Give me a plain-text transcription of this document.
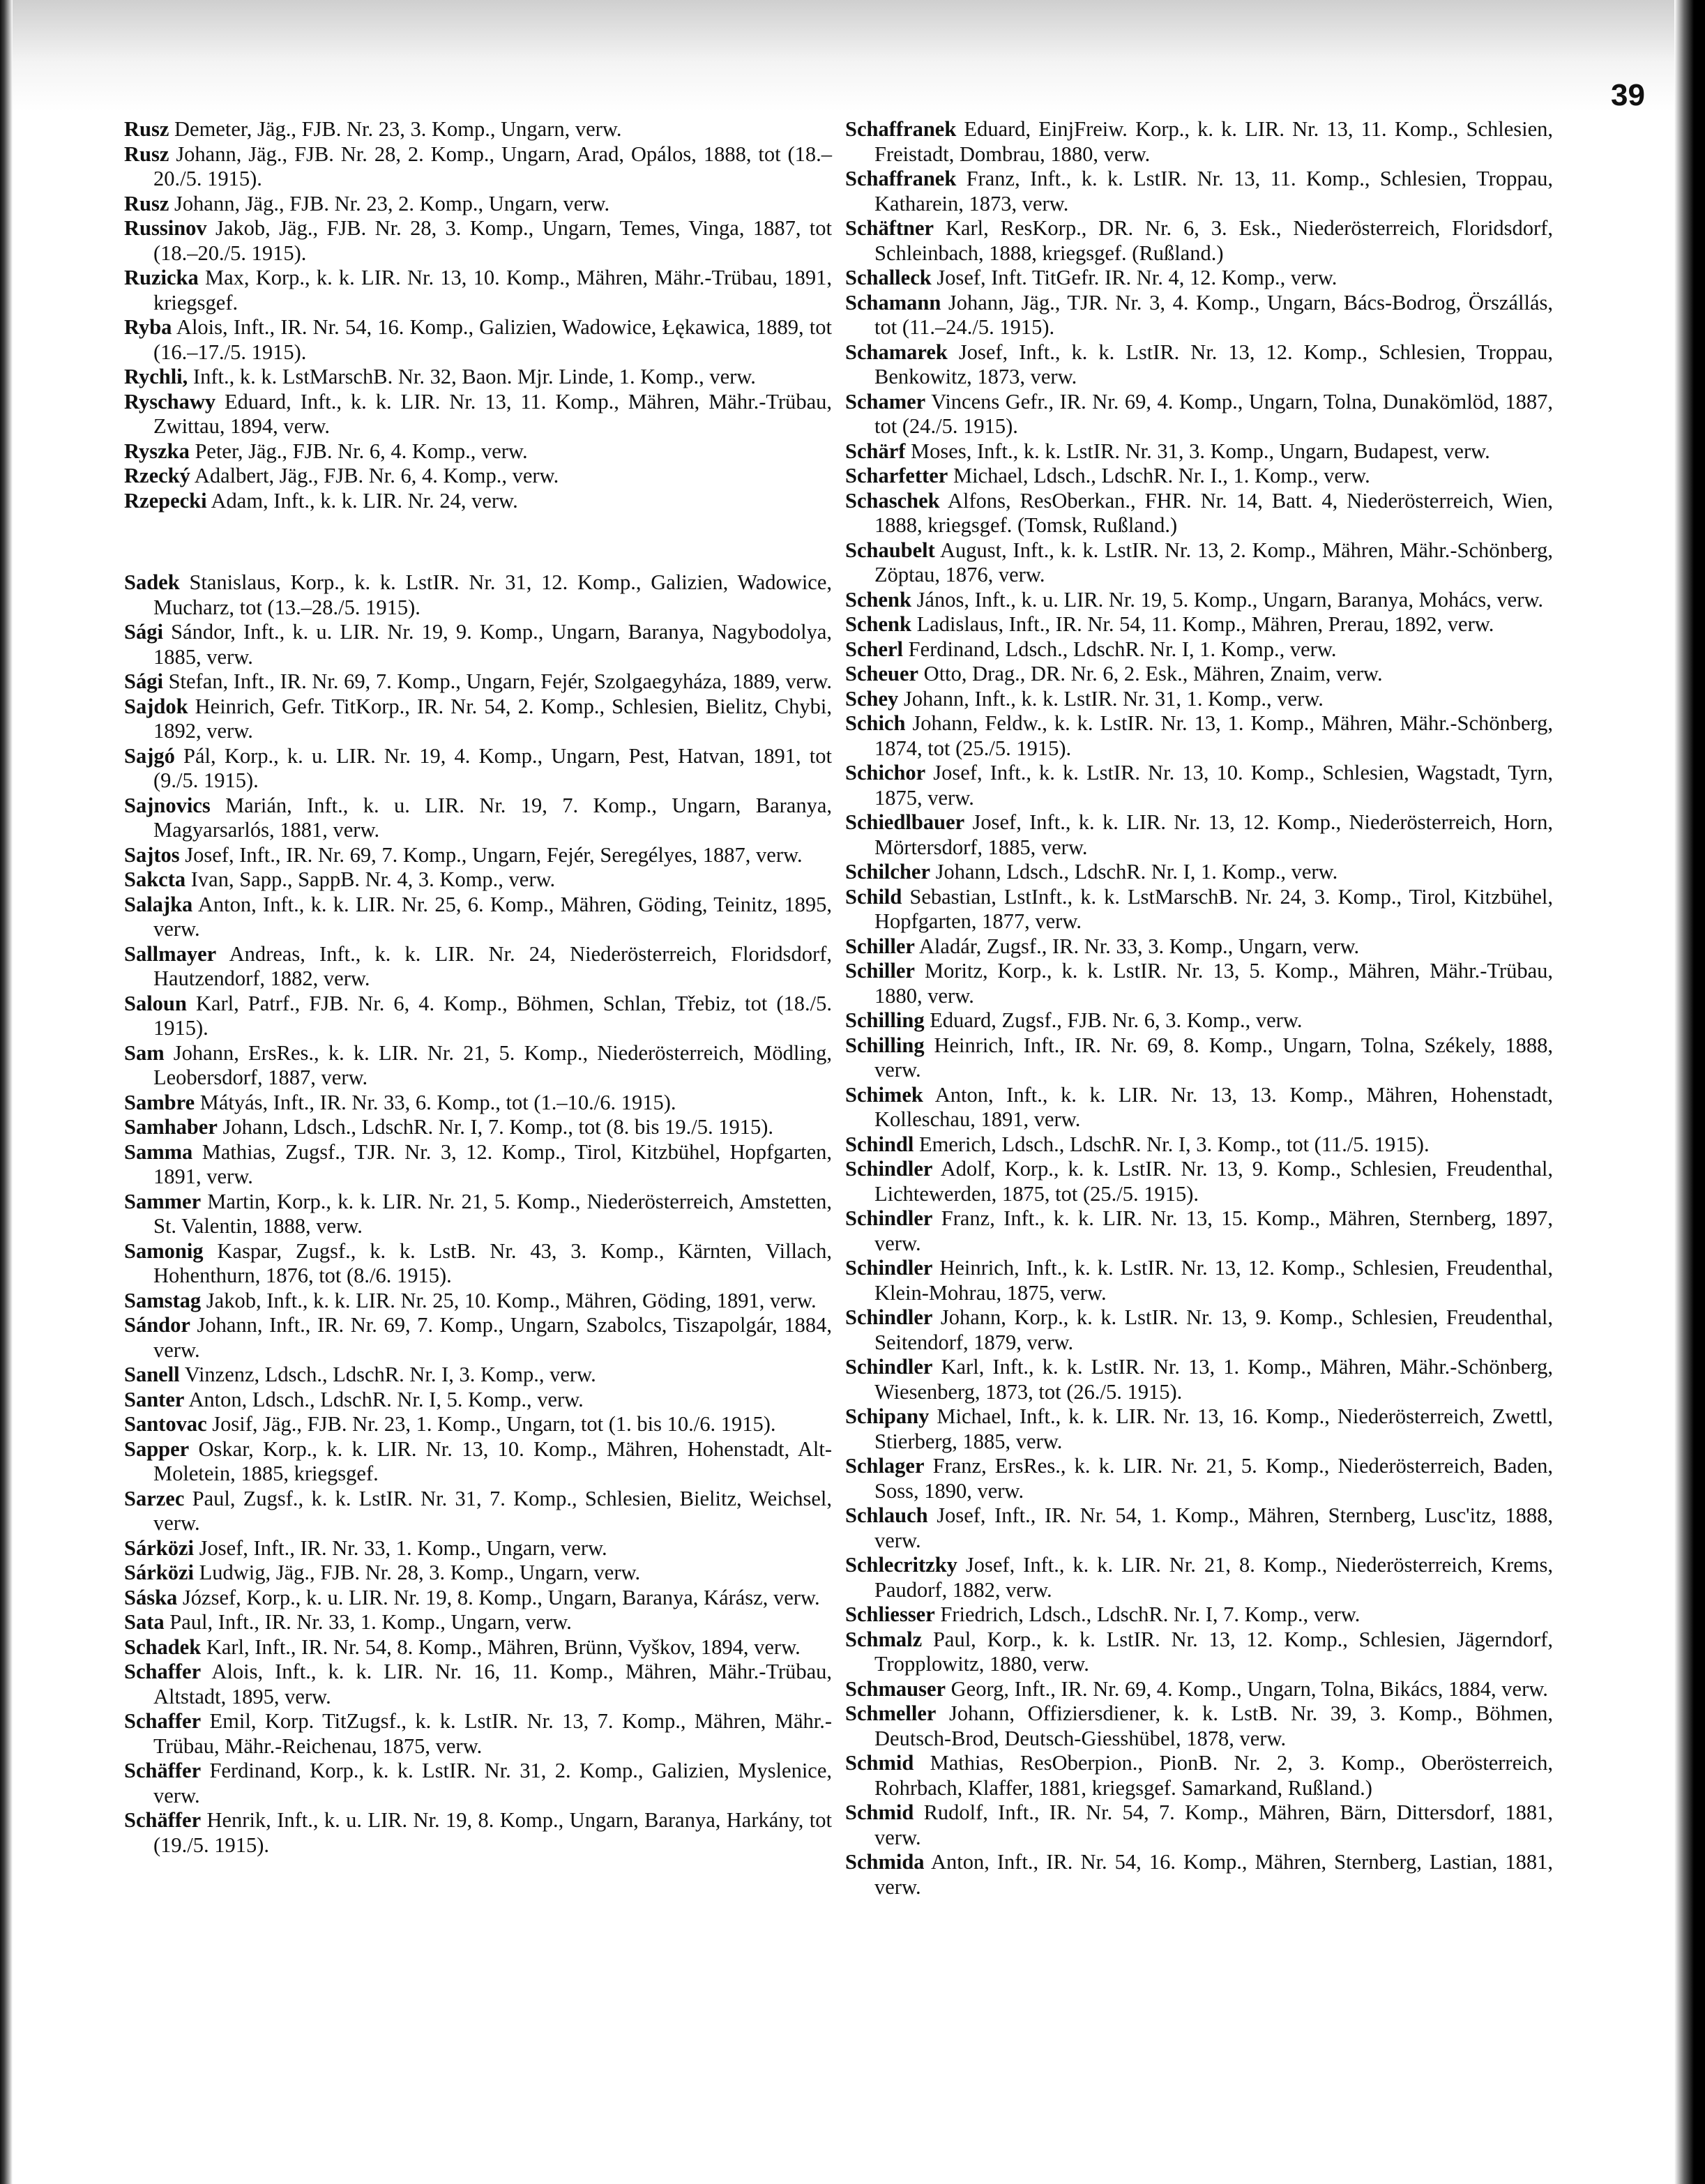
39

Rusz Demeter, Jäg., FJB. Nr. 23, 3. Komp., Ungarn, verw.

Rusz Johann, Jäg., FJB. Nr. 28, 2. Komp., Ungarn, Arad, Opálos, 1888, tot (18.–20./5. 1915).

Rusz Johann, Jäg., FJB. Nr. 23, 2. Komp., Ungarn, verw.

Russinov Jakob, Jäg., FJB. Nr. 28, 3. Komp., Ungarn, Temes, Vinga, 1887, tot (18.–20./5. 1915).

Ruzicka Max, Korp., k. k. LIR. Nr. 13, 10. Komp., Mähren, Mähr.-Trübau, 1891, kriegsgef.

Ryba Alois, Inft., IR. Nr. 54, 16. Komp., Galizien, Wadowice, Łękawica, 1889, tot (16.–17./5. 1915).

Rychli, Inft., k. k. LstMarschB. Nr. 32, Baon. Mjr. Linde, 1. Komp., verw.

Ryschawy Eduard, Inft., k. k. LIR. Nr. 13, 11. Komp., Mähren, Mähr.-Trübau, Zwittau, 1894, verw.

Ryszka Peter, Jäg., FJB. Nr. 6, 4. Komp., verw.

Rzecký Adalbert, Jäg., FJB. Nr. 6, 4. Komp., verw.

Rzepecki Adam, Inft., k. k. LIR. Nr. 24, verw.

Sadek Stanislaus, Korp., k. k. LstIR. Nr. 31, 12. Komp., Galizien, Wadowice, Mucharz, tot (13.–28./5. 1915).

Sági Sándor, Inft., k. u. LIR. Nr. 19, 9. Komp., Ungarn, Baranya, Nagybodolya, 1885, verw.

Sági Stefan, Inft., IR. Nr. 69, 7. Komp., Ungarn, Fejér, Szolgaegyháza, 1889, verw.

Sajdok Heinrich, Gefr. TitKorp., IR. Nr. 54, 2. Komp., Schlesien, Bielitz, Chybi, 1892, verw.

Sajgó Pál, Korp., k. u. LIR. Nr. 19, 4. Komp., Ungarn, Pest, Hatvan, 1891, tot (9./5. 1915).

Sajnovics Marián, Inft., k. u. LIR. Nr. 19, 7. Komp., Ungarn, Baranya, Magyarsarlós, 1881, verw.

Sajtos Josef, Inft., IR. Nr. 69, 7. Komp., Ungarn, Fejér, Seregélyes, 1887, verw.

Sakcta Ivan, Sapp., SappB. Nr. 4, 3. Komp., verw.

Salajka Anton, Inft., k. k. LIR. Nr. 25, 6. Komp., Mähren, Göding, Teinitz, 1895, verw.

Sallmayer Andreas, Inft., k. k. LIR. Nr. 24, Niederösterreich, Floridsdorf, Hautzendorf, 1882, verw.

Saloun Karl, Patrf., FJB. Nr. 6, 4. Komp., Böhmen, Schlan, Třebiz, tot (18./5. 1915).

Sam Johann, ErsRes., k. k. LIR. Nr. 21, 5. Komp., Niederösterreich, Mödling, Leobersdorf, 1887, verw.

Sambre Mátyás, Inft., IR. Nr. 33, 6. Komp., tot (1.–10./6. 1915).

Samhaber Johann, Ldsch., LdschR. Nr. I, 7. Komp., tot (8. bis 19./5. 1915).

Samma Mathias, Zugsf., TJR. Nr. 3, 12. Komp., Tirol, Kitzbühel, Hopfgarten, 1891, verw.

Sammer Martin, Korp., k. k. LIR. Nr. 21, 5. Komp., Niederösterreich, Amstetten, St. Valentin, 1888, verw.

Samonig Kaspar, Zugsf., k. k. LstB. Nr. 43, 3. Komp., Kärnten, Villach, Hohenthurn, 1876, tot (8./6. 1915).

Samstag Jakob, Inft., k. k. LIR. Nr. 25, 10. Komp., Mähren, Göding, 1891, verw.

Sándor Johann, Inft., IR. Nr. 69, 7. Komp., Ungarn, Szabolcs, Tiszapolgár, 1884, verw.

Sanell Vinzenz, Ldsch., LdschR. Nr. I, 3. Komp., verw.

Santer Anton, Ldsch., LdschR. Nr. I, 5. Komp., verw.

Santovac Josif, Jäg., FJB. Nr. 23, 1. Komp., Ungarn, tot (1. bis 10./6. 1915).

Sapper Oskar, Korp., k. k. LIR. Nr. 13, 10. Komp., Mähren, Hohenstadt, Alt-Moletein, 1885, kriegsgef.

Sarzec Paul, Zugsf., k. k. LstIR. Nr. 31, 7. Komp., Schlesien, Bielitz, Weichsel, verw.

Sárközi Josef, Inft., IR. Nr. 33, 1. Komp., Ungarn, verw.

Sárközi Ludwig, Jäg., FJB. Nr. 28, 3. Komp., Ungarn, verw.

Sáska József, Korp., k. u. LIR. Nr. 19, 8. Komp., Ungarn, Baranya, Kárász, verw.

Sata Paul, Inft., IR. Nr. 33, 1. Komp., Ungarn, verw.

Schadek Karl, Inft., IR. Nr. 54, 8. Komp., Mähren, Brünn, Vyškov, 1894, verw.

Schaffer Alois, Inft., k. k. LIR. Nr. 16, 11. Komp., Mähren, Mähr.-Trübau, Altstadt, 1895, verw.

Schaffer Emil, Korp. TitZugsf., k. k. LstIR. Nr. 13, 7. Komp., Mähren, Mähr.-Trübau, Mähr.-Reichenau, 1875, verw.

Schäffer Ferdinand, Korp., k. k. LstIR. Nr. 31, 2. Komp., Galizien, Myslenice, verw.

Schäffer Henrik, Inft., k. u. LIR. Nr. 19, 8. Komp., Ungarn, Baranya, Harkány, tot (19./5. 1915).

Schaffranek Eduard, EinjFreiw. Korp., k. k. LIR. Nr. 13, 11. Komp., Schlesien, Freistadt, Dombrau, 1880, verw.

Schaffranek Franz, Inft., k. k. LstIR. Nr. 13, 11. Komp., Schlesien, Troppau, Katharein, 1873, verw.

Schäftner Karl, ResKorp., DR. Nr. 6, 3. Esk., Niederösterreich, Floridsdorf, Schleinbach, 1888, kriegsgef. (Rußland.)

Schalleck Josef, Inft. TitGefr. IR. Nr. 4, 12. Komp., verw.

Schamann Johann, Jäg., TJR. Nr. 3, 4. Komp., Ungarn, Bács-Bodrog, Örszállás, tot (11.–24./5. 1915).

Schamarek Josef, Inft., k. k. LstIR. Nr. 13, 12. Komp., Schlesien, Troppau, Benkowitz, 1873, verw.

Schamer Vincens Gefr., IR. Nr. 69, 4. Komp., Ungarn, Tolna, Dunakömlöd, 1887, tot (24./5. 1915).

Schärf Moses, Inft., k. k. LstIR. Nr. 31, 3. Komp., Ungarn, Budapest, verw.

Scharfetter Michael, Ldsch., LdschR. Nr. I., 1. Komp., verw.

Schaschek Alfons, ResOberkan., FHR. Nr. 14, Batt. 4, Niederösterreich, Wien, 1888, kriegsgef. (Tomsk, Rußland.)

Schaubelt August, Inft., k. k. LstIR. Nr. 13, 2. Komp., Mähren, Mähr.-Schönberg, Zöptau, 1876, verw.

Schenk János, Inft., k. u. LIR. Nr. 19, 5. Komp., Ungarn, Baranya, Mohács, verw.

Schenk Ladislaus, Inft., IR. Nr. 54, 11. Komp., Mähren, Prerau, 1892, verw.

Scherl Ferdinand, Ldsch., LdschR. Nr. I, 1. Komp., verw.

Scheuer Otto, Drag., DR. Nr. 6, 2. Esk., Mähren, Znaim, verw.

Schey Johann, Inft., k. k. LstIR. Nr. 31, 1. Komp., verw.

Schich Johann, Feldw., k. k. LstIR. Nr. 13, 1. Komp., Mähren, Mähr.-Schönberg, 1874, tot (25./5. 1915).

Schichor Josef, Inft., k. k. LstIR. Nr. 13, 10. Komp., Schlesien, Wagstadt, Tyrn, 1875, verw.

Schiedlbauer Josef, Inft., k. k. LIR. Nr. 13, 12. Komp., Niederösterreich, Horn, Mörtersdorf, 1885, verw.

Schilcher Johann, Ldsch., LdschR. Nr. I, 1. Komp., verw.

Schild Sebastian, LstInft., k. k. LstMarschB. Nr. 24, 3. Komp., Tirol, Kitzbühel, Hopfgarten, 1877, verw.

Schiller Aladár, Zugsf., IR. Nr. 33, 3. Komp., Ungarn, verw.

Schiller Moritz, Korp., k. k. LstIR. Nr. 13, 5. Komp., Mähren, Mähr.-Trübau, 1880, verw.

Schilling Eduard, Zugsf., FJB. Nr. 6, 3. Komp., verw.

Schilling Heinrich, Inft., IR. Nr. 69, 8. Komp., Ungarn, Tolna, Székely, 1888, verw.

Schimek Anton, Inft., k. k. LIR. Nr. 13, 13. Komp., Mähren, Hohenstadt, Kolleschau, 1891, verw.

Schindl Emerich, Ldsch., LdschR. Nr. I, 3. Komp., tot (11./5. 1915).

Schindler Adolf, Korp., k. k. LstIR. Nr. 13, 9. Komp., Schlesien, Freudenthal, Lichtewerden, 1875, tot (25./5. 1915).

Schindler Franz, Inft., k. k. LIR. Nr. 13, 15. Komp., Mähren, Sternberg, 1897, verw.

Schindler Heinrich, Inft., k. k. LstIR. Nr. 13, 12. Komp., Schlesien, Freudenthal, Klein-Mohrau, 1875, verw.

Schindler Johann, Korp., k. k. LstIR. Nr. 13, 9. Komp., Schlesien, Freudenthal, Seitendorf, 1879, verw.

Schindler Karl, Inft., k. k. LstIR. Nr. 13, 1. Komp., Mähren, Mähr.-Schönberg, Wiesenberg, 1873, tot (26./5. 1915).

Schipany Michael, Inft., k. k. LIR. Nr. 13, 16. Komp., Niederösterreich, Zwettl, Stierberg, 1885, verw.

Schlager Franz, ErsRes., k. k. LIR. Nr. 21, 5. Komp., Niederösterreich, Baden, Soss, 1890, verw.

Schlauch Josef, Inft., IR. Nr. 54, 1. Komp., Mähren, Sternberg, Lusc'itz, 1888, verw.

Schlecritzky Josef, Inft., k. k. LIR. Nr. 21, 8. Komp., Niederösterreich, Krems, Paudorf, 1882, verw.

Schliesser Friedrich, Ldsch., LdschR. Nr. I, 7. Komp., verw.

Schmalz Paul, Korp., k. k. LstIR. Nr. 13, 12. Komp., Schlesien, Jägerndorf, Tropplowitz, 1880, verw.

Schmauser Georg, Inft., IR. Nr. 69, 4. Komp., Ungarn, Tolna, Bikács, 1884, verw.

Schmeller Johann, Offiziersdiener, k. k. LstB. Nr. 39, 3. Komp., Böhmen, Deutsch-Brod, Deutsch-Giesshübel, 1878, verw.

Schmid Mathias, ResOberpion., PionB. Nr. 2, 3. Komp., Oberösterreich, Rohrbach, Klaffer, 1881, kriegsgef. Samarkand, Rußland.)

Schmid Rudolf, Inft., IR. Nr. 54, 7. Komp., Mähren, Bärn, Dittersdorf, 1881, verw.

Schmida Anton, Inft., IR. Nr. 54, 16. Komp., Mähren, Sternberg, Lastian, 1881, verw.
